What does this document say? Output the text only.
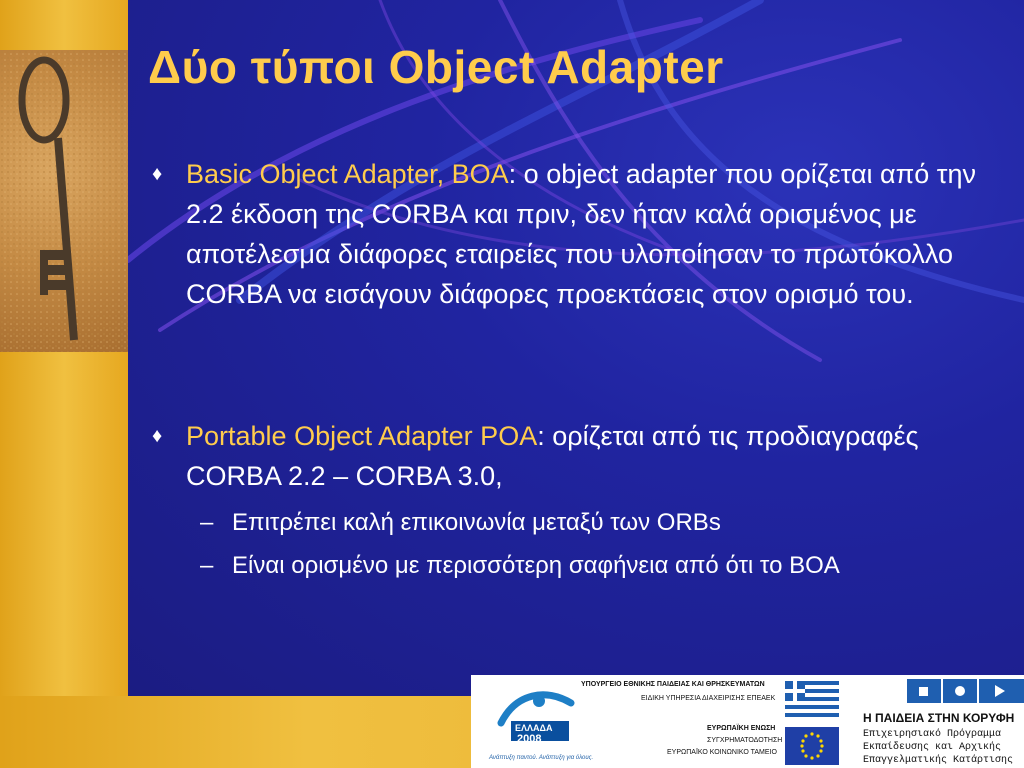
Δύο τύποι Object Adapter
♦ Basic Object Adapter, BOA: ο object adapter που ορίζεται από την 2.2 έκδοση της CORBA και πριν, δεν ήταν καλά ορισμένος με αποτέλεσμα διάφορες εταιρείες που υλοποίησαν το πρωτόκολλο CORBA να εισάγουν διάφορες προεκτάσεις στον ορισμό του.
♦ Portable Object Adapter POA: ορίζεται από τις προδιαγραφές CORBA 2.2 – CORBA 3.0,
– Επιτρέπει καλή επικοινωνία μεταξύ των ORBs
– Είναι ορισμένο με περισσότερη σαφήνεια από ότι το BOA
ΕΛΛΑΔΑ
2008
Ανάπτυξη παντού. Ανάπτυξη για όλους.
ΥΠΟΥΡΓΕΙΟ ΕΘΝΙΚΗΣ ΠΑΙΔΕΙΑΣ ΚΑΙ ΘΡΗΣΚΕΥΜΑΤΩΝ
ΕΙΔΙΚΗ ΥΠΗΡΕΣΙΑ ΔΙΑΧΕΙΡΙΣΗΣ ΕΠΕΑΕΚ
ΕΥΡΩΠΑΪΚΗ ΕΝΩΣΗ
ΣΥΓΧΡΗΜΑΤΟΔΟΤΗΣΗ
ΕΥΡΩΠΑΪΚΟ ΚΟΙΝΩΝΙΚΟ ΤΑΜΕΙΟ
Η ΠΑΙΔΕΙΑ ΣΤΗΝ ΚΟΡΥΦΗ
Επιχειρησιακό Πρόγραμμα
Εκπαίδευσης και Αρχικής
Επαγγελματικής Κατάρτισης
